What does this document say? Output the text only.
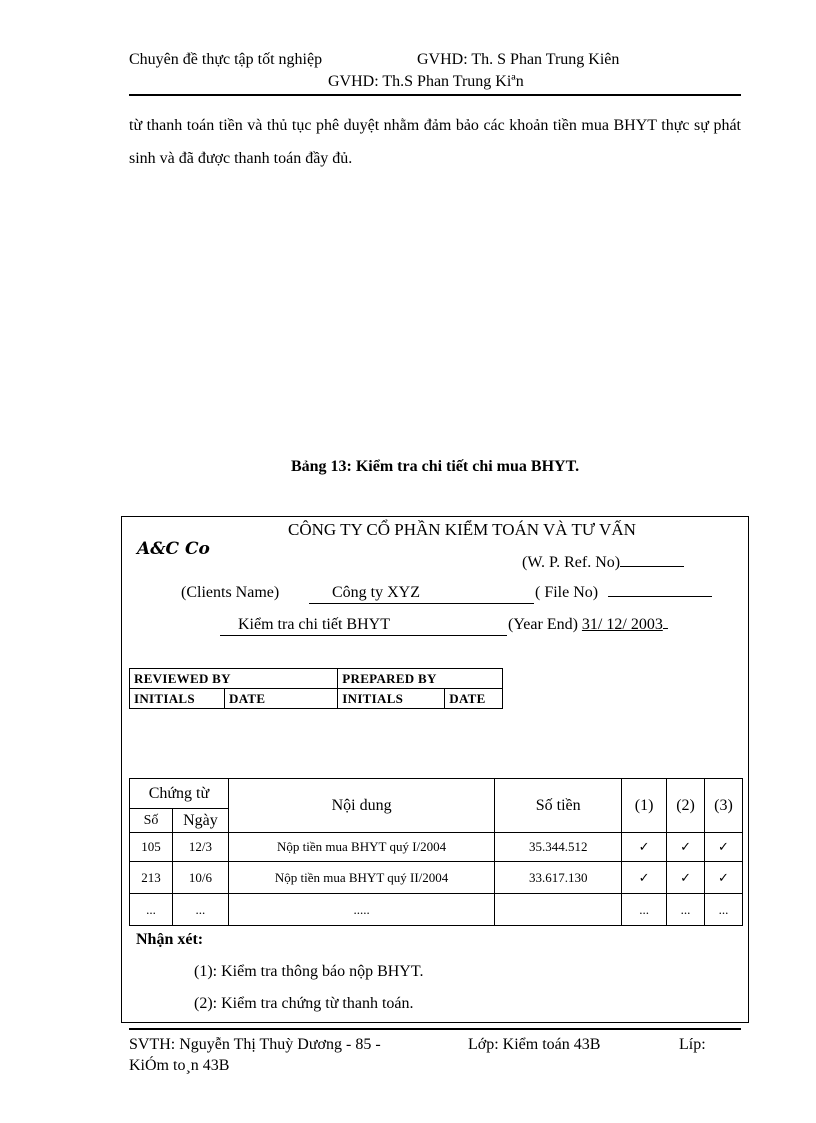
Chuyên đề thực tập tốt nghiệp	GVHD: Th. S Phan Trung Kiên
GVHD: Th.S Phan Trung Kiªn
từ thanh toán tiền và thủ tục phê duyệt nhằm đảm bảo các khoản tiền mua BHYT thực sự phát sinh và đã được thanh toán đầy đủ.
Bảng 13: Kiểm tra chi tiết chi mua BHYT.
A&C Co
CÔNG TY CỔ PHẦN KIỂM TOÁN VÀ TƯ VẤN
(W. P. Ref. No)
(Clients Name)	Công ty XYZ	( File No)
Kiểm tra chi tiết BHYT	(Year End) 31/ 12/ 2003
REVIEWED BY		PREPARED BY	
INITIALS	DATE	INITIALS	DATE
Chứng từ		Nội dung	Số tiền	(1)	(2)	(3)
Số	Ngày					
105	12/3	Nộp tiền mua BHYT quý I/2004	35.344.512	✓	✓	✓
213	10/6	Nộp tiền mua BHYT quý II/2004	33.617.130	✓	✓	✓
...	...	.....		...	...	...
Nhận xét:
(1): Kiểm tra thông báo nộp BHYT.
(2): Kiểm tra chứng từ thanh toán.
SVTH: Nguyễn Thị Thuỳ Dương - 85 -	Lớp: Kiểm toán 43B	Líp:
KiÓm to¸n 43B
